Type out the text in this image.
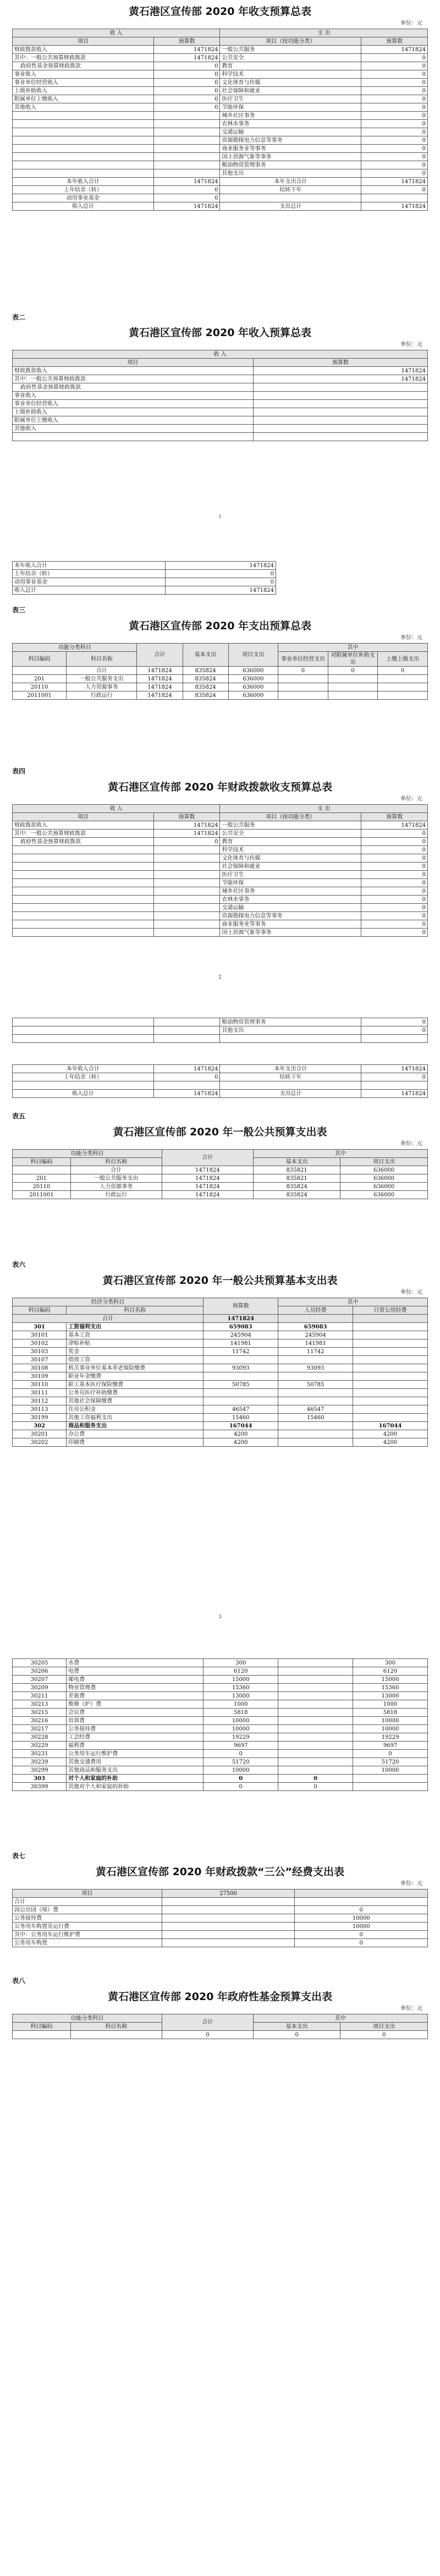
黄石港区宣传部 2020 年收支预算总表
单位：元
收 入		支 出	
项目	预算数	项目（按功能分类）	预算数
财政拨款收入	1471824	一般公共服务	1471824
其中：一般公共预算财政拨款	1471824	公共安全	0
政府性基金预算财政拨款	0	教育	0
事业收入	0	科学技术	0
事业单位经营收入	0	文化体育与传媒	0
上级补助收入	0	社会保障和就业	0
附属单位上缴收入	0	医疗卫生	0
其他收入	0	节能环保	0
		城乡社区事务	0
		农林水事务	0
		交通运输	0
		资源勘探电力信息等事务	0
		商业服务业等事务	0
		国土资源气象等事务	0
		粮油物资管理事务	0
		其他支出	0
本年收入合计	1471824	本年支出合计	1471824
上年结余（转）	0	结转下年	0
动用事业基金	0		
收入总计	1471824	支出总计	1471824
表二
黄石港区宣传部 2020 年收入预算总表
单位：元
收 入	
项目	预算数
财政拨款收入	1471824
其中：一般公共预算财政拨款	1471824
政府性基金预算财政拨款	
事业收入	
事业单位经营收入	
上级补助收入	
附属单位上缴收入	
其他收入	

1
本年收入合计	1471824
上年结余（转）	0
动用事业基金	0
收入总计	1471824
表三
黄石港区宣传部 2020 年支出预算总表
单位：元
功能分类科目		合计	基本支出	项目支出	其中		
科目编码	科目名称				事业单位经营支出	对附属单位补助支出	上缴上级支出

	合计	1471824	835824	636000	0	0	0
201	一般公共服务支出	1471824	835824	636000			
20110	人力资源事务	1471824	835824	636000			
2011001	行政运行	1471824	835824	636000			
表四
黄石港区宣传部 2020 年财政拨款收支预算总表
单位：元
收 入		支 出	
项目	预算数	项目（按功能分类）	预算数
财政拨款收入	1471824	一般公共服务	1471824
其中：一般公共预算财政拨款	1471824	公共安全	0
政府性基金预算财政拨款	0	教育	0
		科学技术	0
		文化体育与传媒	0
		社会保障和就业	0
		医疗卫生	0
		节能环保	0
		城乡社区事务	0
		农林水事务	0
		交通运输	0
		资源勘探电力信息等事务	0
		商业服务业等事务	0
		国土资源气象等事务	0
2
		粮油物资管理事务	0
		其他支出	0

本年收入合计	1471824	本年支出合计	1471824
上年结余（转）	0	结转下年	0

收入总计	1471824	支出总计	1471824
表五
黄石港区宣传部 2020 年一般公共预算支出表
单位：元
功能分类科目		合计	其中	
科目编码	科目名称		基本支出	项目支出
	合计	1471824	835821	636000
201	一般公共服务支出	1471824	835821	636000
20110	人力资源事务	1471824	835824	636000
2011001	行政运行	1471824	835824	636000
表六
黄石港区宣传部 2020 年一般公共预算基本支出表
单位：元
经济分类科目		预算数	其中	
科目编码	科目名称		人员经费	日常公用经费
合计		1471824		
301	工资福利支出	659083	659083	
30101	基本工资	245904	245904	
30102	津贴补贴	141981	141981	
30103	奖金	11742	11742	
30107	绩效工资			
30108	机关事业单位基本养老保险缴费	93093	93093	
30109	职业年金缴费			
30110	职工基本医疗保险缴费	50785	50785	
30111	公务员医疗补助缴费			
30112	其他社会保障缴费			
30113	住房公积金	46547	46547	
30199	其他工资福利支出	15460	15460	
302	商品和服务支出	167044		167044
30201	办公费	4200		4200
30202	印刷费	4200		4200
3
30205	水费	300		300
30206	电费	6120		6120
30207	邮电费	15000		15000
30209	物业管理费	15360		15360
30211	差旅费	13000		13000
30213	维修（护）费	1000		1000
30215	会议费	5818		5818
30216	培训费	10000		10000
30217	公务接待费	10000		10000
30228	工会经费	19229		19229
30229	福利费	9697		9697
30231	公务用车运行维护费	0		0
30239	其他交通费用	51720		51720
30299	其他商品和服务支出	10000		10000
303	对个人和家庭的补助	0	0	
30399	其他对个人和家庭的补助	0	0	
表七
黄石港区宣传部 2020 年财政拨款“三公”经费支出表
单位：元
项目	27500	
合计		
因公出国（境）费		0
公务接待费		10000
公务用车购置及运行费		10000
其中：公务用车运行维护费		0
公务用车购置		0
表八
黄石港区宣传部 2020 年政府性基金预算支出表
单位：元
功能分类科目		合计	其中	
科目编码	科目名称		基本支出	项目支出
		0	0	0
